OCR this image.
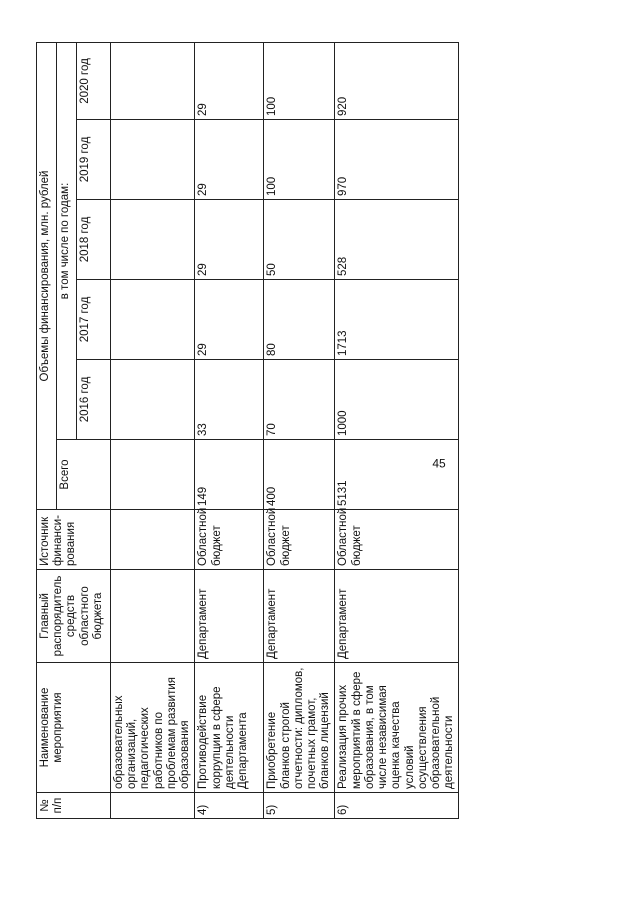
45
№ п/п	Наименование мероприятия	Главный распорядитель средств областного бюджета	Источник финанси-рования	Объемы финансирования, млн. рублей					
				Всего	в том числе по годам:				
					2016 год	2017 год	2018 год	2019 год	2020 год
	образовательных организаций, педагогических работников по проблемам развития образования								
4)	Противодействие коррупции в сфере деятельности Департамента	Департамент	Областной бюджет	149	33	29	29	29	29
5)	Приобретение бланков строгой отчетности: дипломов, почетных грамот, бланков лицензий	Департамент	Областной бюджет	400	70	80	50	100	100
6)	Реализация прочих мероприятий в сфере образования, в том числе независимая оценка качества условий осуществления образовательной деятельности	Департамент	Областной бюджет	5131	1000	1713	528	970	920
